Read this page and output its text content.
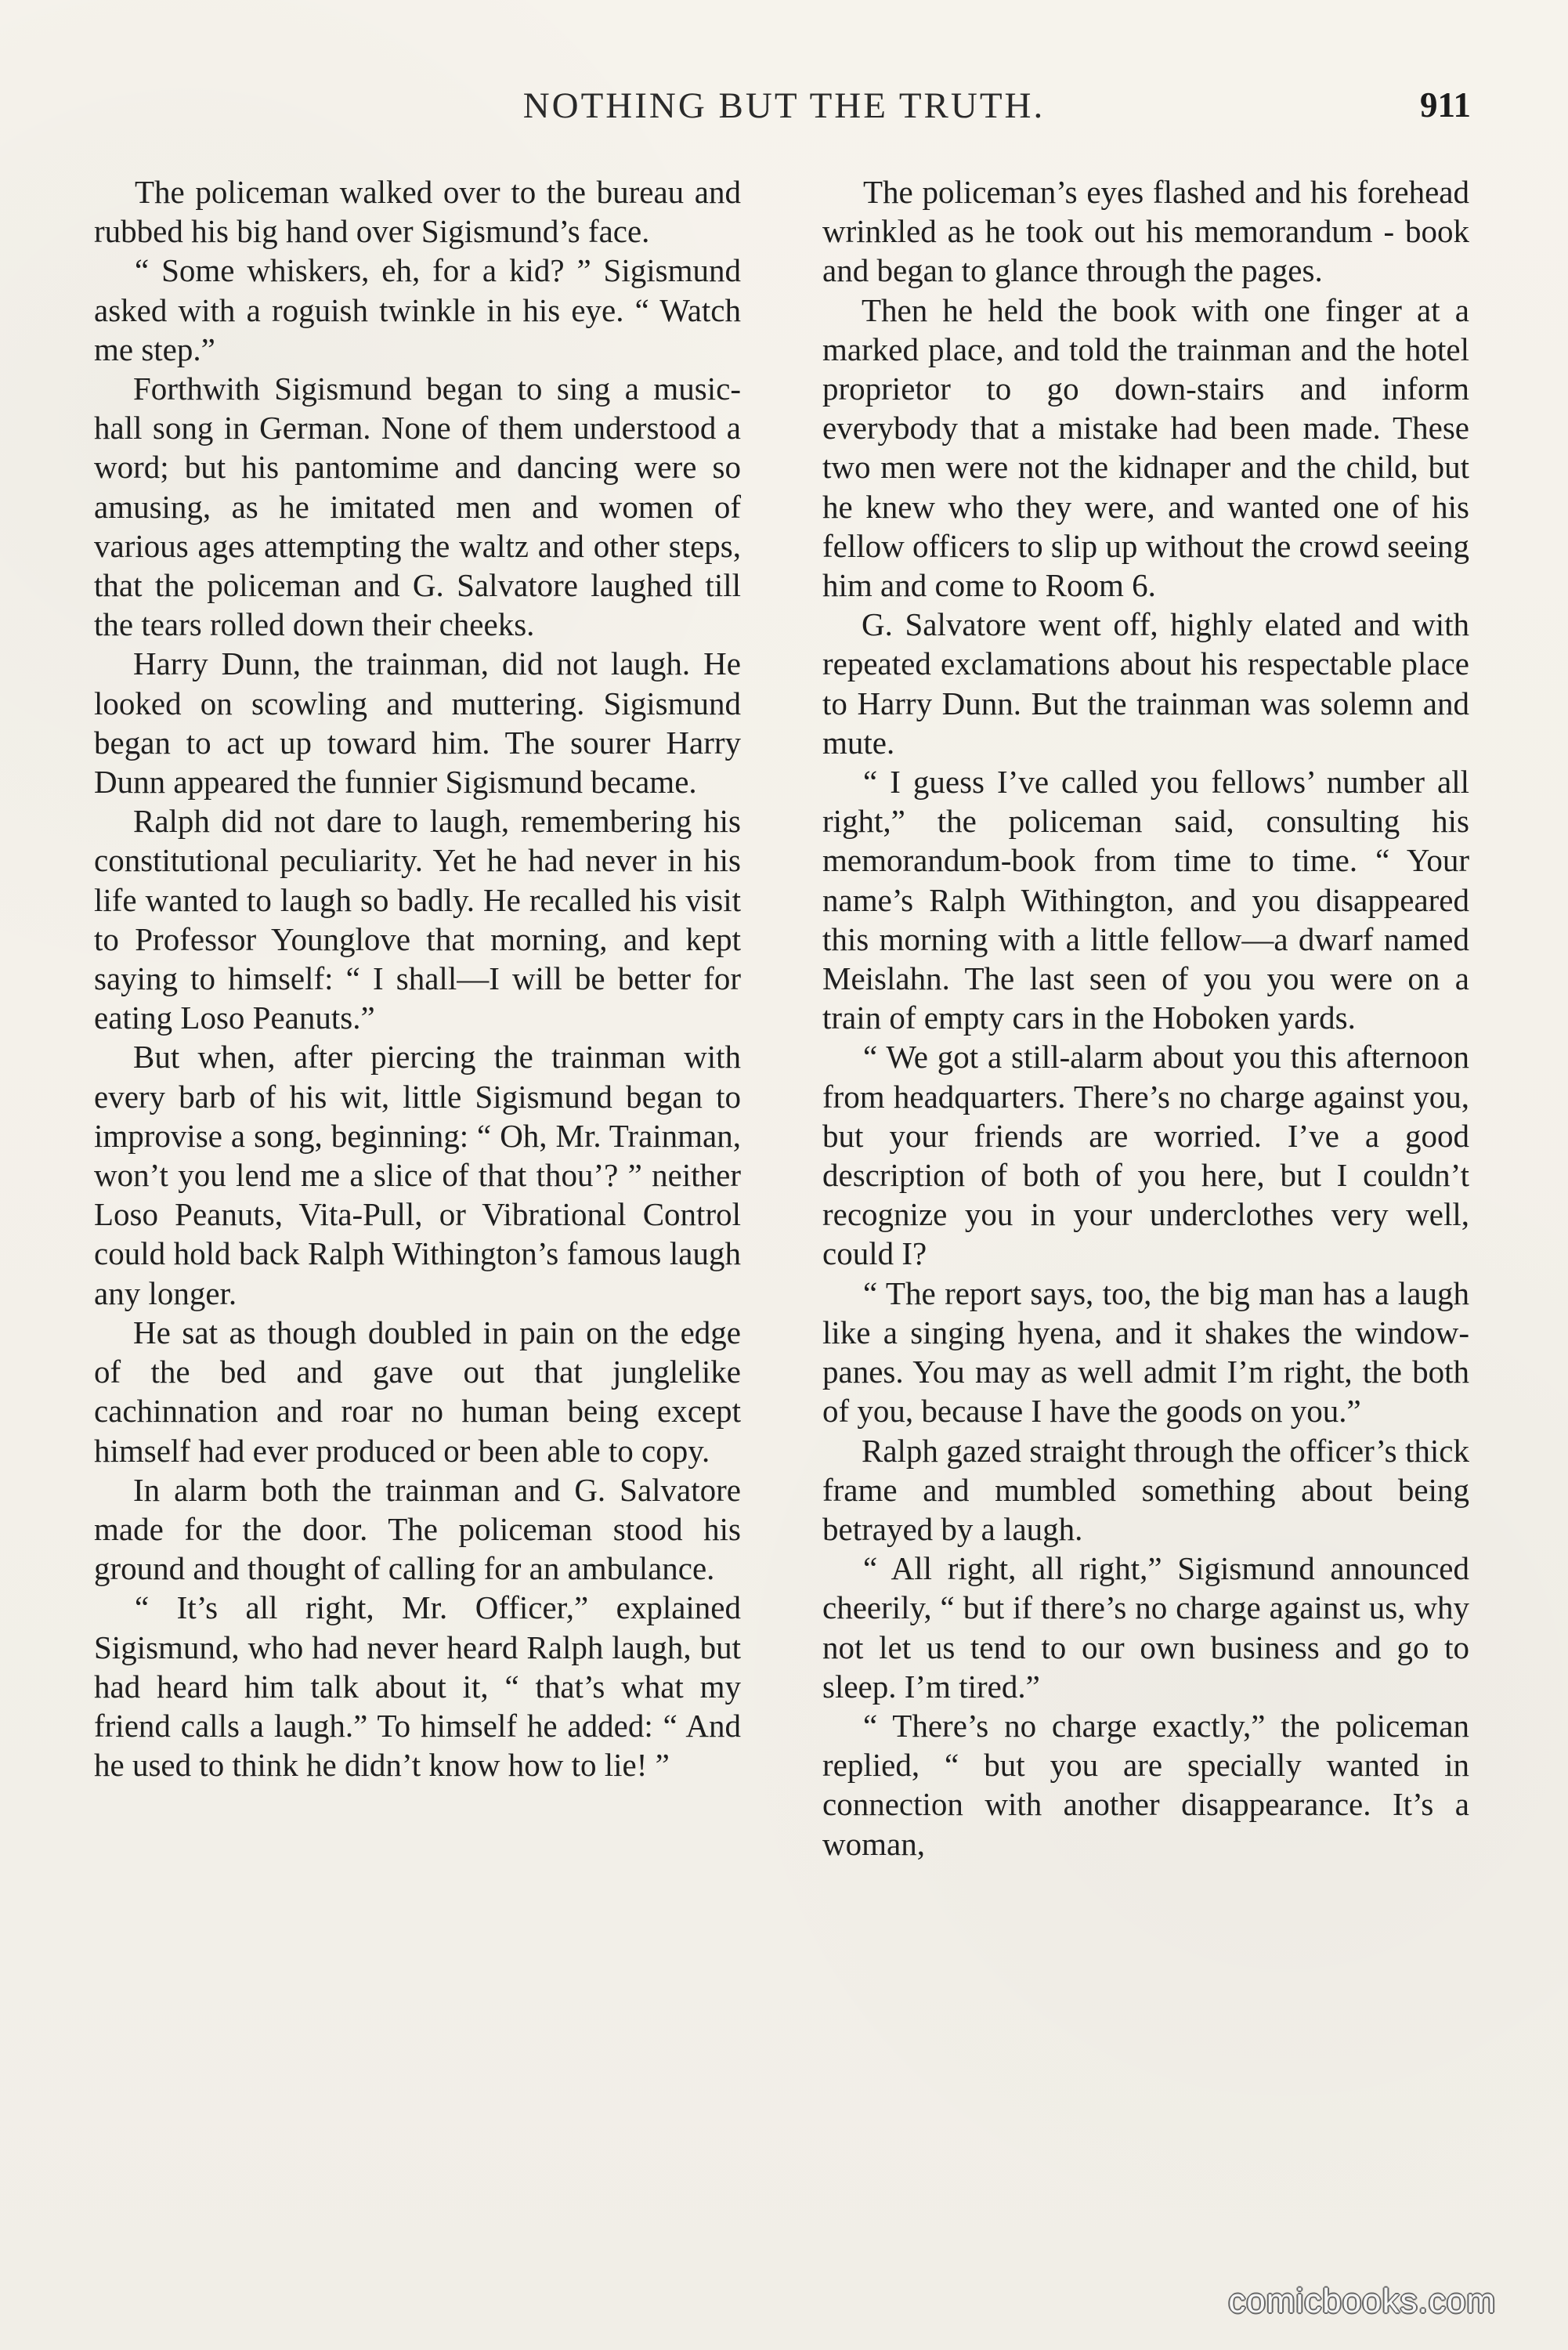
NOTHING BUT THE TRUTH.	911

The policeman walked over to the bureau and rubbed his big hand over Sigismund’s face.

“ Some whiskers, eh, for a kid? ” Sigismund asked with a roguish twinkle in his eye. “ Watch me step.”

Forthwith Sigismund began to sing a music-hall song in German. None of them understood a word; but his pantomime and dancing were so amusing, as he imitated men and women of various ages attempting the waltz and other steps, that the policeman and G. Salvatore laughed till the tears rolled down their cheeks.

Harry Dunn, the trainman, did not laugh. He looked on scowling and muttering. Sigismund began to act up toward him. The sourer Harry Dunn appeared the funnier Sigismund became.

Ralph did not dare to laugh, remembering his constitutional peculiarity. Yet he had never in his life wanted to laugh so badly. He recalled his visit to Professor Younglove that morning, and kept saying to himself: “ I shall—I will be better for eating Loso Peanuts.”

But when, after piercing the trainman with every barb of his wit, little Sigismund began to improvise a song, beginning: “ Oh, Mr. Trainman, won’t you lend me a slice of that thou’? ” neither Loso Peanuts, Vita-Pull, or Vibrational Control could hold back Ralph Withington’s famous laugh any longer.

He sat as though doubled in pain on the edge of the bed and gave out that junglelike cachinnation and roar no human being except himself had ever produced or been able to copy.

In alarm both the trainman and G. Salvatore made for the door. The policeman stood his ground and thought of calling for an ambulance.

“ It’s all right, Mr. Officer,” explained Sigismund, who had never heard Ralph laugh, but had heard him talk about it, “ that’s what my friend calls a laugh.” To himself he added: “ And he used to think he didn’t know how to lie! ”

The policeman’s eyes flashed and his forehead wrinkled as he took out his memorandum - book and began to glance through the pages.

Then he held the book with one finger at a marked place, and told the trainman and the hotel proprietor to go down-stairs and inform everybody that a mistake had been made. These two men were not the kidnaper and the child, but he knew who they were, and wanted one of his fellow officers to slip up without the crowd seeing him and come to Room 6.

G. Salvatore went off, highly elated and with repeated exclamations about his respectable place to Harry Dunn. But the trainman was solemn and mute.

“ I guess I’ve called you fellows’ number all right,” the policeman said, consulting his memorandum-book from time to time. “ Your name’s Ralph Withington, and you disappeared this morning with a little fellow—a dwarf named Meislahn. The last seen of you you were on a train of empty cars in the Hoboken yards.

“ We got a still-alarm about you this afternoon from headquarters. There’s no charge against you, but your friends are worried. I’ve a good description of both of you here, but I couldn’t recognize you in your underclothes very well, could I?

“ The report says, too, the big man has a laugh like a singing hyena, and it shakes the window-panes. You may as well admit I’m right, the both of you, because I have the goods on you.”

Ralph gazed straight through the officer’s thick frame and mumbled something about being betrayed by a laugh.

“ All right, all right,” Sigismund announced cheerily, “ but if there’s no charge against us, why not let us tend to our own business and go to sleep. I’m tired.”

“ There’s no charge exactly,” the policeman replied, “ but you are specially wanted in connection with another disappearance. It’s a woman,

comicbooks.com
